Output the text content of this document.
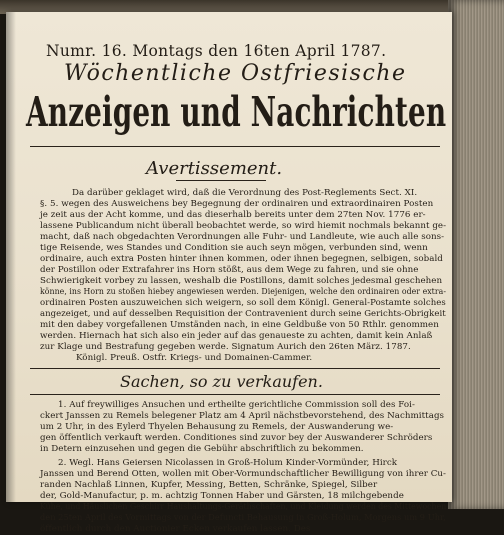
Numr. 16. Montags den 16ten April 1787.
Wöchentliche Ostfriesische
Anzeigen und Nachrichten
Avertissement.
Da darüber geklaget wird, daß die Verordnung des Post-Reglements Sect. XI.
§. 5. wegen des Ausweichens bey Begegnung der ordinairen und extraordinairen Posten
je zeit aus der Acht komme, und das dieserhalb bereits unter dem 27ten Nov. 1776 er-
lassene Publicandum nicht überall beobachtet werde, so wird hiemit nochmals bekannt ge-
macht, daß nach obgedachten Verordnungen alle Fuhr- und Landleute, wie auch alle sons-
tige Reisende, wes Standes und Condition sie auch seyn mögen, verbunden sind, wenn
ordinaire, auch extra Posten hinter ihnen kommen, oder ihnen begegnen, selbigen, sobald
der Postillon oder Extrafahrer ins Horn stößt, aus dem Wege zu fahren, und sie ohne
Schwierigkeit vorbey zu lassen, weshalb die Postillons, damit solches jedesmal geschehen
könne, ins Horn zu stoßen hiebey angewiesen werden. Diejenigen, welche den ordinairen oder extra-
ordinairen Posten auszuweichen sich weigern, so soll dem Königl. General-Postamte solches
angezeiget, und auf desselben Requisition der Contravenient durch seine Gerichts-Obrigkeit
mit den dabey vorgefallenen Umständen nach, in eine Geldbuße von 50 Rthlr. genommen
werden. Hiernach hat sich also ein jeder auf das genaueste zu achten, damit kein Anlaß
zur Klage und Bestrafung gegeben werde. Signatum Aurich den 26ten März. 1787.
Königl. Preuß. Ostfr. Kriegs- und Domainen-Cammer.
Sachen, so zu verkaufen.
1. Auf freywilliges Ansuchen und ertheilte gerichtliche Commission soll des Foi-
ckert Janssen zu Remels belegener Platz am 4 April nächstbevorstehend, des Nachmittags
um 2 Uhr, in des Eylerd Thyelen Behausung zu Remels, der Auswanderung we-
gen öffentlich verkauft werden. Conditiones sind zuvor bey der Auswanderer Schröders
in Detern einzusehen und gegen die Gebühr abschriftlich zu bekommen.
2. Wegl. Hans Geiersen Nicolassen in Groß-Holum Kinder-Vormünder, Hirck
Janssen und Berend Otten, wollen mit Ober-Vormundschaftlicher Bewilligung von ihrer Cu-
randen Nachlaß Linnen, Kupfer, Messing, Betten, Schränke, Spiegel, Silber
der, Gold-Manufactur, p. m. achtzig Tonnen Haber und Gärsten, 18 milchgebende
Kühe, und Häuslichen Geschirr Haushaltungs-Geräthschaften, und Kleidung werden des Mittewochen
den 25ten April des Vormittags von der Defuncti Behausung in Groß-Holum, Morgens um 9 Uhr,
öffentlich durch den Auctionier Ecken verkaufen lassen. Des
